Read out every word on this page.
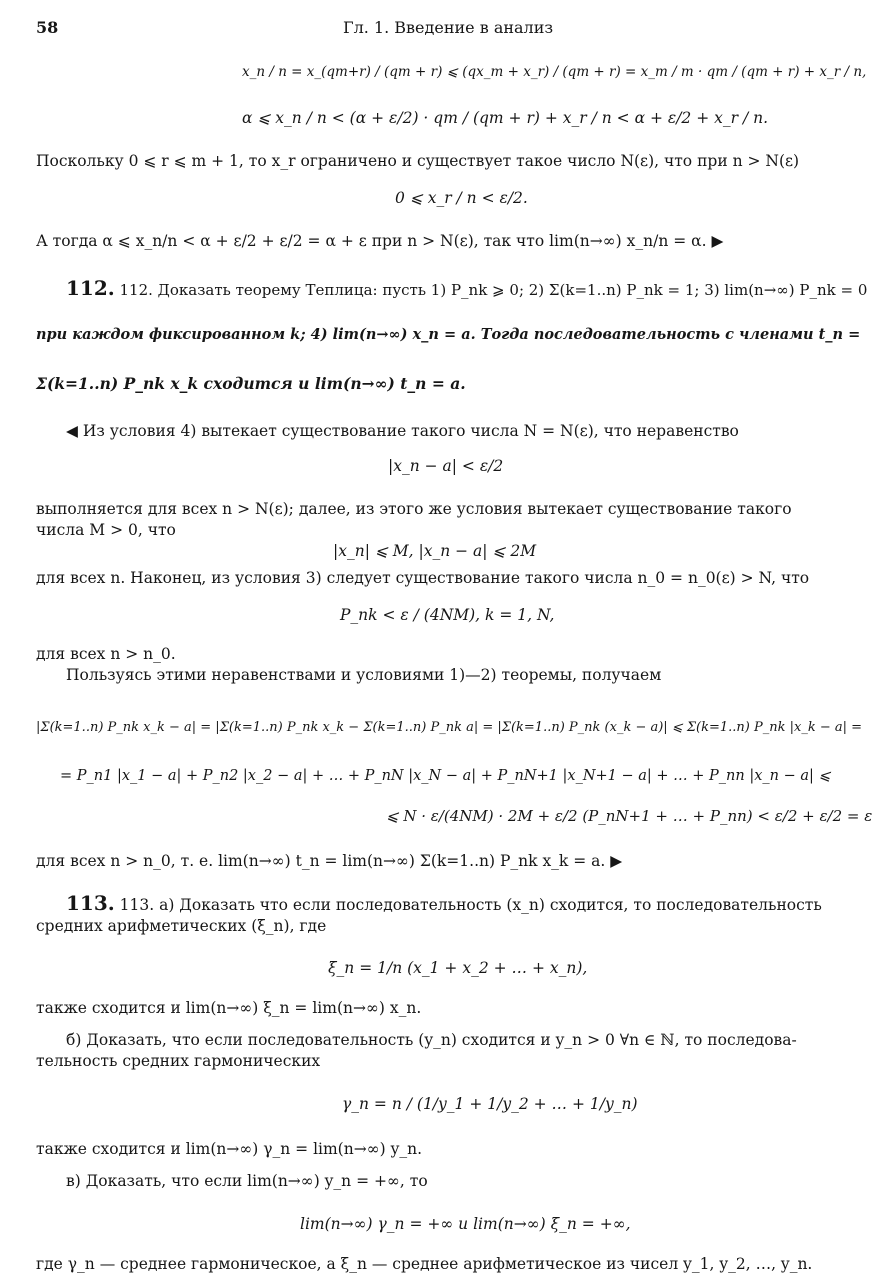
58	Гл. 1. Введение в анализ
x_n / n = x_(qm+r) / (qm + r) ⩽ (qx_m + x_r) / (qm + r) = x_m / m · qm / (qm + r) + x_r / n,
α ⩽ x_n / n < (α + ε/2) · qm / (qm + r) + x_r / n < α + ε/2 + x_r / n.
Поскольку 0 ⩽ r ⩽ m + 1, то x_r ограничено и существует такое число N(ε), что при n > N(ε)
0 ⩽ x_r / n < ε/2.
А тогда α ⩽ x_n/n < α + ε/2 + ε/2 = α + ε при n > N(ε), так что lim(n→∞) x_n/n = α. ▶
112. 112. Доказать теорему Теплица: пусть 1) P_nk ⩾ 0; 2) Σ(k=1..n) P_nk = 1; 3) lim(n→∞) P_nk = 0
при каждом фиксированном k; 4) lim(n→∞) x_n = a. Тогда последовательность с членами t_n =
Σ(k=1..n) P_nk x_k сходится и lim(n→∞) t_n = a.
◀ Из условия 4) вытекает существование такого числа N = N(ε), что неравенство
|x_n − a| < ε/2
выполняется для всех n > N(ε); далее, из этого же условия вытекает существование такого
числа M > 0, что
|x_n| ⩽ M, |x_n − a| ⩽ 2M
для всех n. Наконец, из условия 3) следует существование такого числа n_0 = n_0(ε) > N, что
P_nk < ε / (4NM), k = 1, N,
для всех n > n_0.
Пользуясь этими неравенствами и условиями 1)—2) теоремы, получаем
|Σ(k=1..n) P_nk x_k − a| = |Σ(k=1..n) P_nk x_k − Σ(k=1..n) P_nk a| = |Σ(k=1..n) P_nk (x_k − a)| ⩽ Σ(k=1..n) P_nk |x_k − a| =
= P_n1 |x_1 − a| + P_n2 |x_2 − a| + … + P_nN |x_N − a| + P_nN+1 |x_N+1 − a| + … + P_nn |x_n − a| ⩽
⩽ N · ε/(4NM) · 2M + ε/2 (P_nN+1 + … + P_nn) < ε/2 + ε/2 = ε
для всех n > n_0, т. е. lim(n→∞) t_n = lim(n→∞) Σ(k=1..n) P_nk x_k = a. ▶
113. 113. а) Доказать что если последовательность (x_n) сходится, то последовательность
средних арифметических (ξ_n), где
ξ_n = 1/n (x_1 + x_2 + … + x_n),
также сходится и lim(n→∞) ξ_n = lim(n→∞) x_n.
б) Доказать, что если последовательность (y_n) сходится и y_n > 0 ∀n ∈ ℕ, то последова-
тельность средних гармонических
γ_n = n / (1/y_1 + 1/y_2 + … + 1/y_n)
также сходится и lim(n→∞) γ_n = lim(n→∞) y_n.
в) Доказать, что если lim(n→∞) y_n = +∞, то
lim(n→∞) γ_n = +∞ и lim(n→∞) ξ_n = +∞,
где γ_n — среднее гармоническое, а ξ_n — среднее арифметическое из чисел y_1, y_2, …, y_n.
